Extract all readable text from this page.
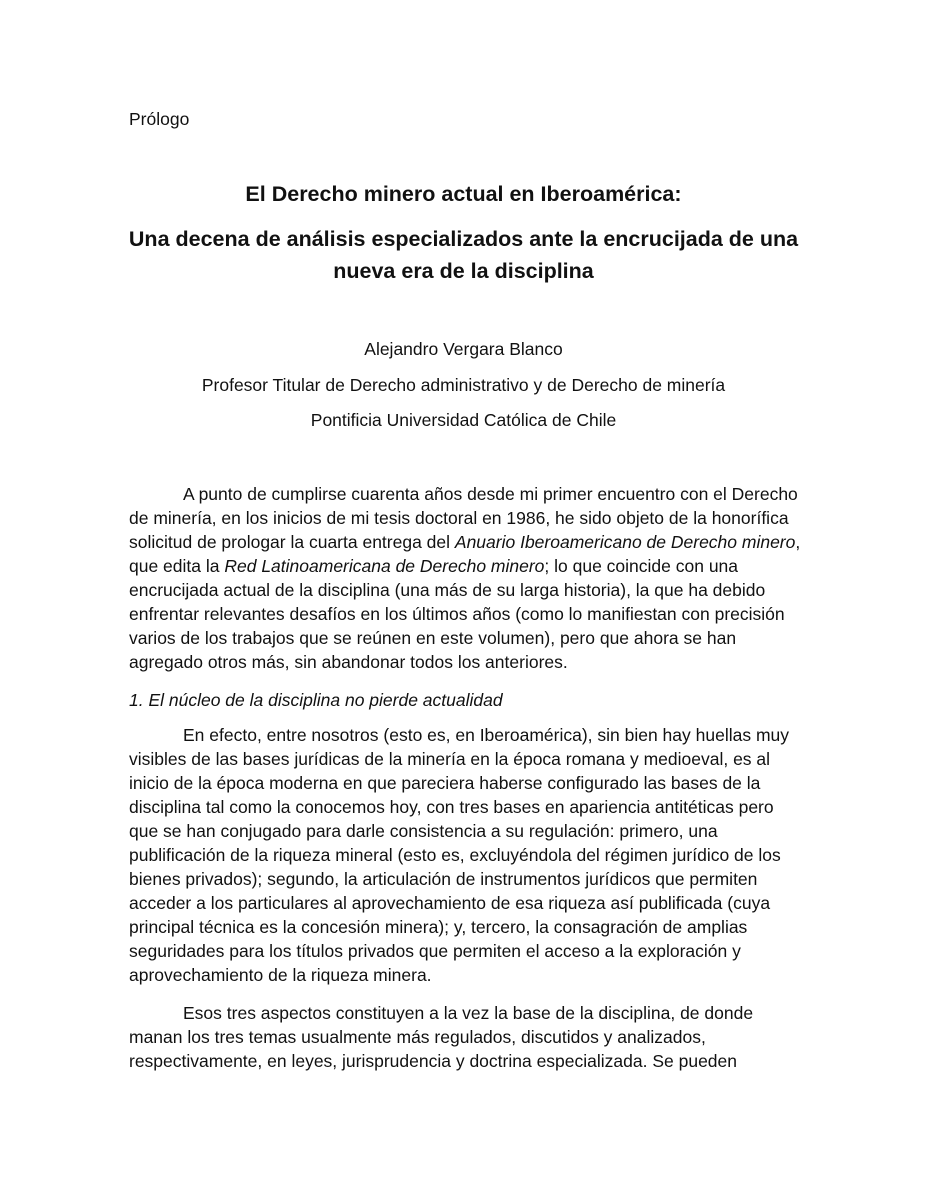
Prólogo
El Derecho minero actual en Iberoamérica:
Una decena de análisis especializados ante la encrucijada de una nueva era de la disciplina
Alejandro Vergara Blanco
Profesor Titular de Derecho administrativo y de Derecho de minería
Pontificia Universidad Católica de Chile

A punto de cumplirse cuarenta años desde mi primer encuentro con el Derecho de minería, en los inicios de mi tesis doctoral en 1986, he sido objeto de la honorífica solicitud de prologar la cuarta entrega del Anuario Iberoamericano de Derecho minero, que edita la Red Latinoamericana de Derecho minero; lo que coincide con una encrucijada actual de la disciplina (una más de su larga historia), la que ha debido enfrentar relevantes desafíos en los últimos años (como lo manifiestan con precisión varios de los trabajos que se reúnen en este volumen), pero que ahora se han agregado otros más, sin abandonar todos los anteriores.

1. El núcleo de la disciplina no pierde actualidad

En efecto, entre nosotros (esto es, en Iberoamérica), sin bien hay huellas muy visibles de las bases jurídicas de la minería en la época romana y medioeval, es al inicio de la época moderna en que pareciera haberse configurado las bases de la disciplina tal como la conocemos hoy, con tres bases en apariencia antitéticas pero que se han conjugado para darle consistencia a su regulación: primero, una publificación de la riqueza mineral (esto es, excluyéndola del régimen jurídico de los bienes privados); segundo, la articulación de instrumentos jurídicos que permiten acceder a los particulares al aprovechamiento de esa riqueza así publificada (cuya principal técnica es la concesión minera); y, tercero, la consagración de amplias seguridades para los títulos privados que permiten el acceso a la exploración y aprovechamiento de la riqueza minera.

Esos tres aspectos constituyen a la vez la base de la disciplina, de donde manan los tres temas usualmente más regulados, discutidos y analizados, respectivamente, en leyes, jurisprudencia y doctrina especializada. Se pueden
